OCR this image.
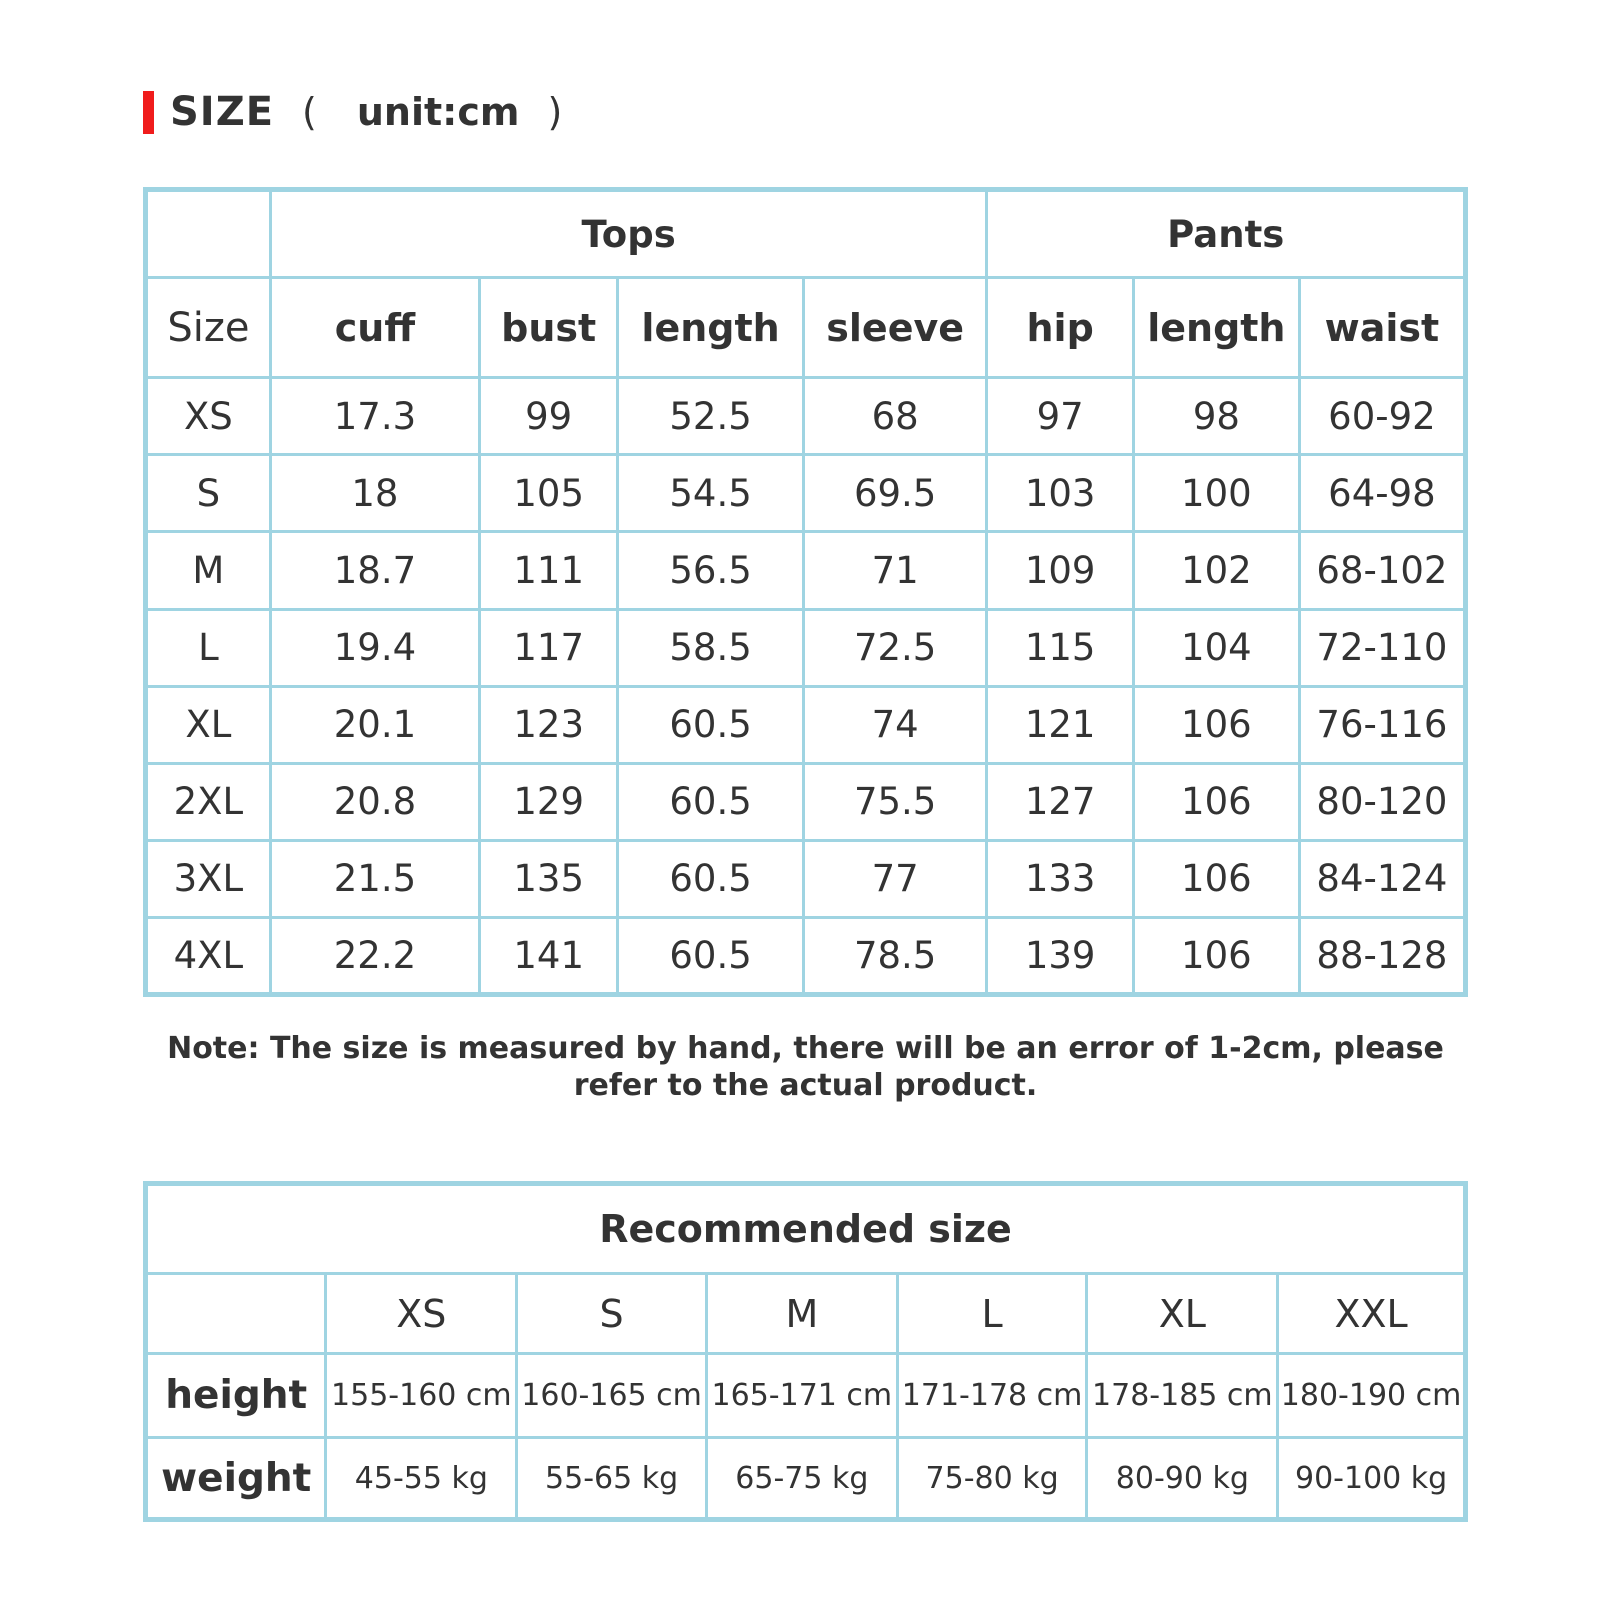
SIZE ( unit:cm )
	Tops				Pants		
Size	cuff	bust	length	sleeve	hip	length	waist
XS	17.3	99	52.5	68	97	98	60-92
S	18	105	54.5	69.5	103	100	64-98
M	18.7	111	56.5	71	109	102	68-102
L	19.4	117	58.5	72.5	115	104	72-110
XL	20.1	123	60.5	74	121	106	76-116
2XL	20.8	129	60.5	75.5	127	106	80-120
3XL	21.5	135	60.5	77	133	106	84-124
4XL	22.2	141	60.5	78.5	139	106	88-128
Note: The size is measured by hand, there will be an error of 1-2cm, please
refer to the actual product.
Recommended size						
	XS	S	M	L	XL	XXL
height	155-160 cm	160-165 cm	165-171 cm	171-178 cm	178-185 cm	180-190 cm
weight	45-55 kg	55-65 kg	65-75 kg	75-80 kg	80-90 kg	90-100 kg
